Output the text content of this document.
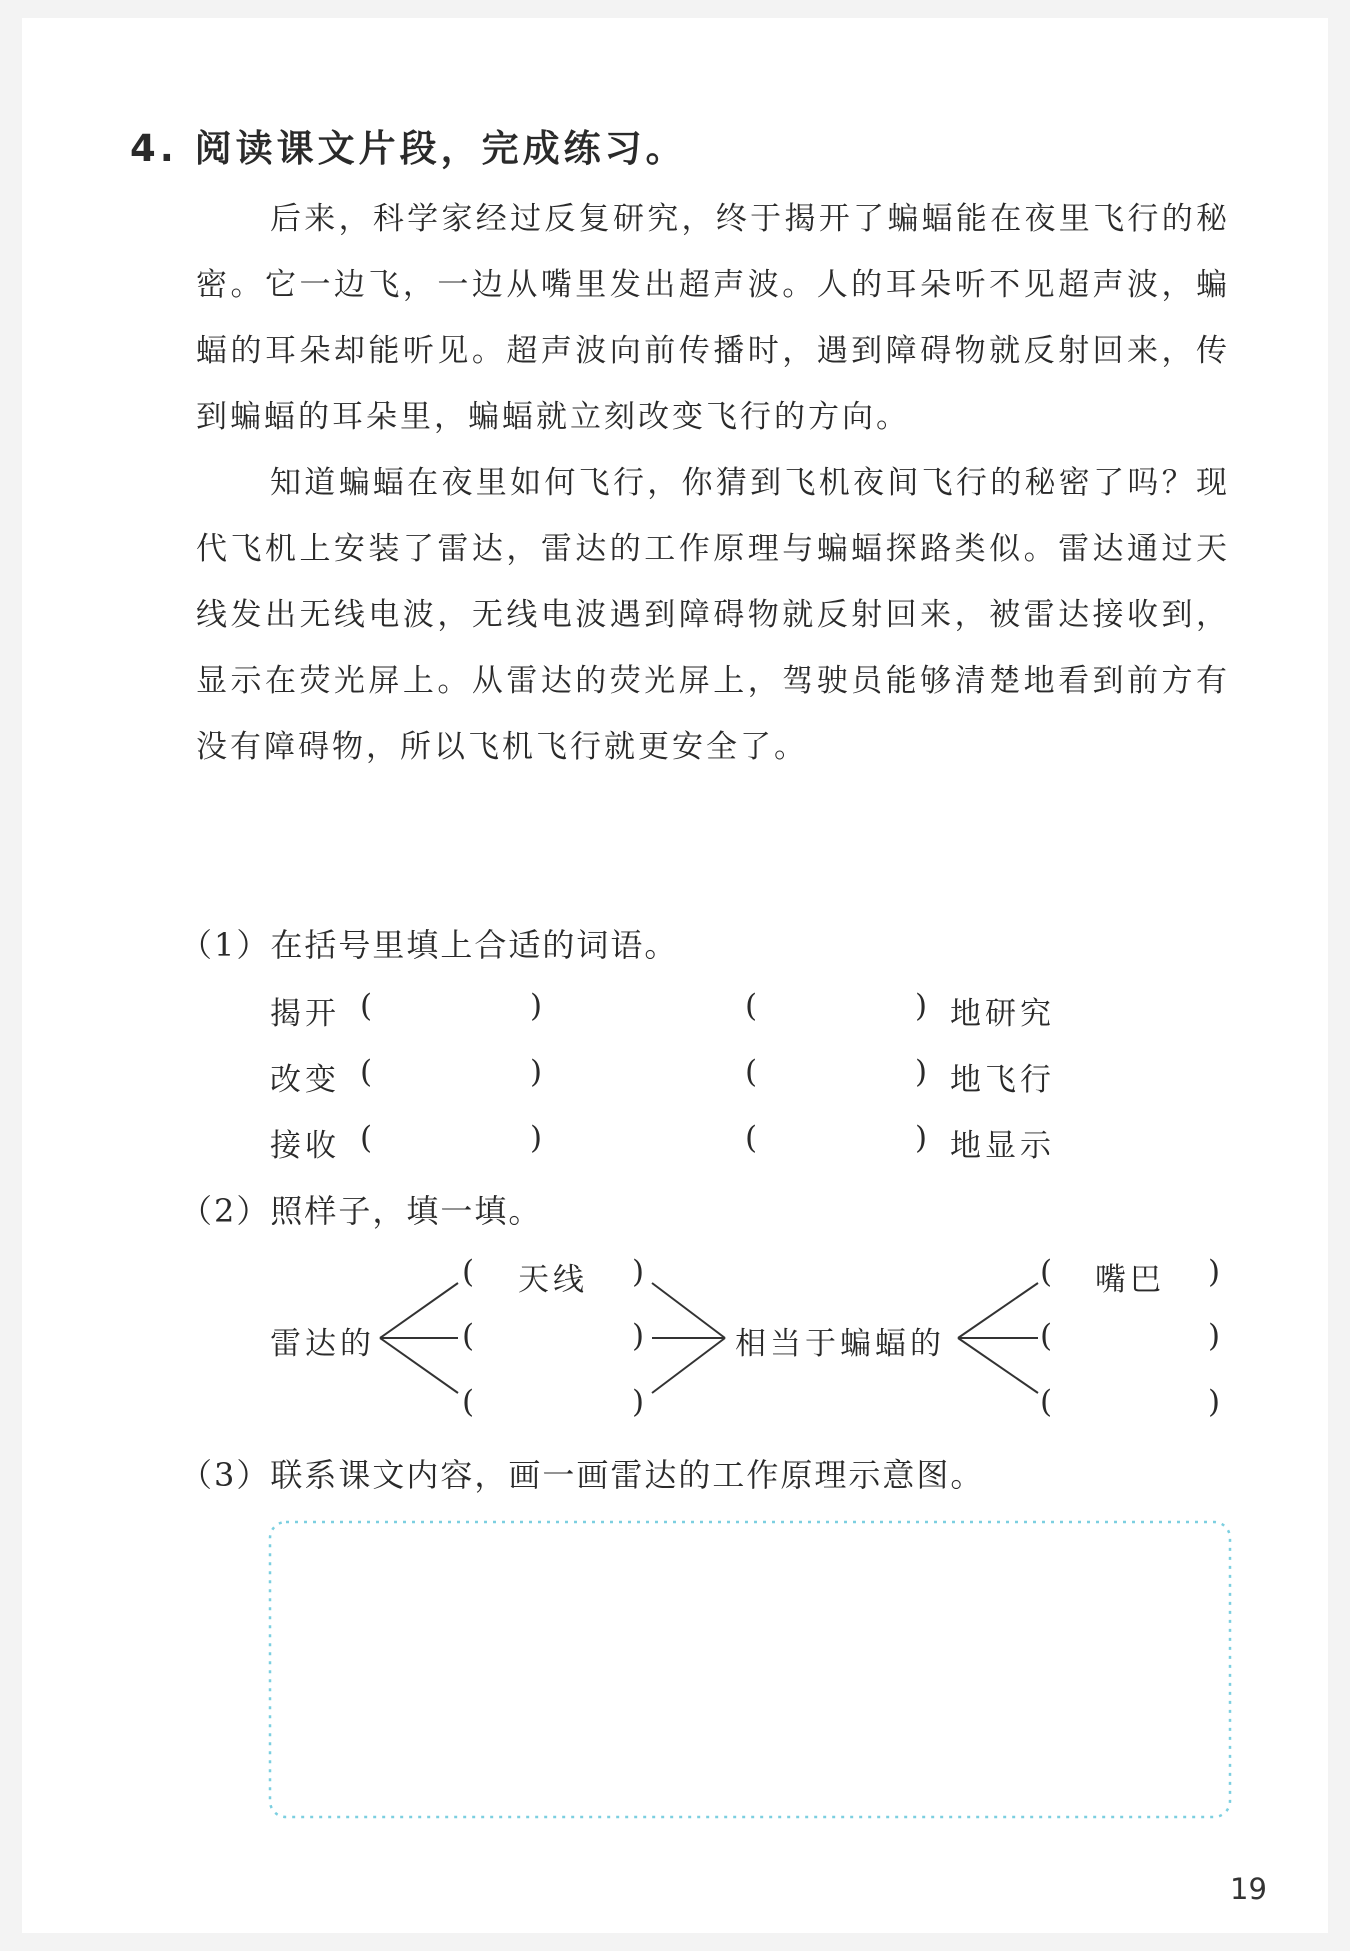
4. 阅读课文片段，完成练习。

后来，科学家经过反复研究，终于揭开了蝙蝠能在夜里飞行的秘密。它一边飞，一边从嘴里发出超声波。人的耳朵听不见超声波，蝙蝠的耳朵却能听见。超声波向前传播时，遇到障碍物就反射回来，传到蝙蝠的耳朵里，蝙蝠就立刻改变飞行的方向。

知道蝙蝠在夜里如何飞行，你猜到飞机夜间飞行的秘密了吗？现代飞机上安装了雷达，雷达的工作原理与蝙蝠探路类似。雷达通过天线发出无线电波，无线电波遇到障碍物就反射回来，被雷达接收到，显示在荧光屏上。从雷达的荧光屏上，驾驶员能够清楚地看到前方有没有障碍物，所以飞机飞行就更安全了。

（1）在括号里填上合适的词语。
揭开 (	)	(	) 地研究
改变 (	)	(	) 地飞行
接收 (	)	(	) 地显示
（2）照样子，填一填。
雷达的
( 天线 )
(	)
(	)
相当于蝙蝠的
( 嘴巴 )
(	)
(	)
（3）联系课文内容，画一画雷达的工作原理示意图。
19
